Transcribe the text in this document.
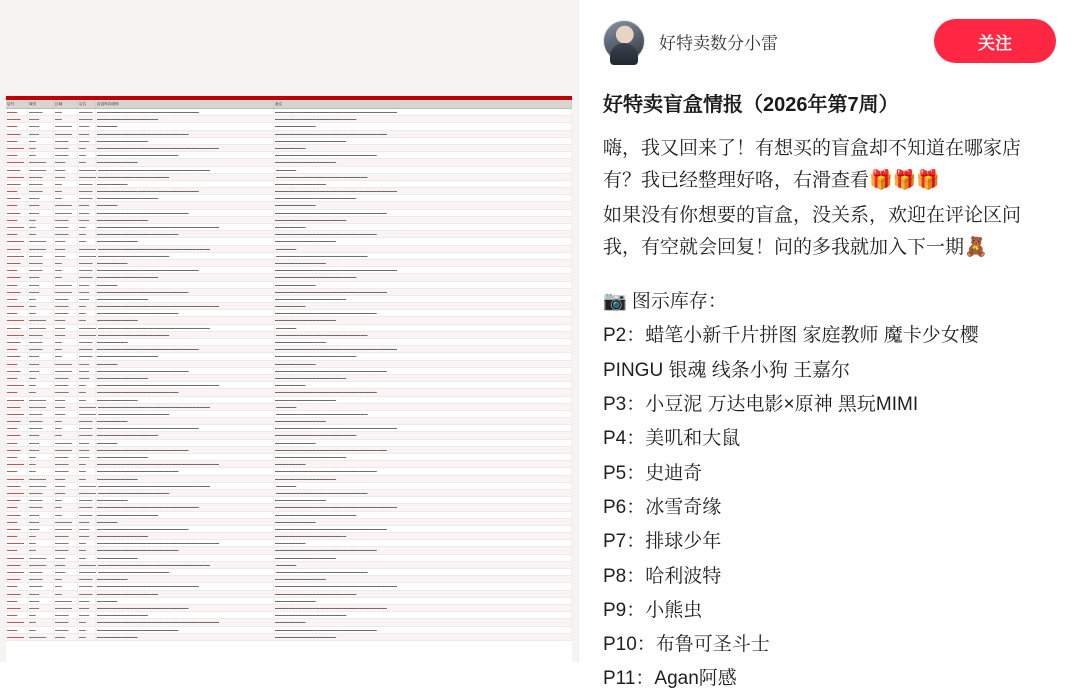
店号	城市	区域	店名	盲盒库存明细	备注
▬▬▬	▬▬▬▬	▬▬	▬▬▬▬	▬▬▬▬▬▬▬▬▬▬▬▬▬▬▬▬▬▬▬▬▬▬▬▬▬▬▬▬▬▬	▬▬▬▬▬▬▬▬▬▬▬▬▬▬▬▬▬▬▬▬▬▬▬▬▬▬▬▬▬▬▬▬▬▬▬▬
▬▬▬▬	▬▬▬	▬▬	▬▬▬▬	▬▬▬▬▬▬▬▬▬▬▬▬▬▬▬▬▬▬	▬▬▬▬▬▬▬▬▬▬▬▬▬▬▬▬▬▬▬▬▬▬▬▬
▬▬▬	▬▬▬	▬▬▬▬▬	▬▬▬	▬▬▬▬▬▬	▬▬▬▬▬▬▬▬▬▬▬▬
▬▬▬▬	▬▬▬	▬▬▬▬▬	▬▬▬	▬▬▬▬▬▬▬▬▬▬▬▬▬▬▬▬▬▬▬▬▬▬▬▬▬▬▬	▬▬▬▬▬▬▬▬▬▬▬▬▬▬▬▬▬▬▬▬▬▬▬▬▬▬▬▬▬▬▬▬▬
▬▬▬	▬▬	▬▬▬▬	▬▬▬	▬▬▬▬▬▬▬▬▬▬▬▬▬▬▬	▬▬▬▬▬▬▬▬▬▬▬▬▬▬▬▬▬▬▬▬▬
▬▬▬▬▬	▬▬	▬▬▬▬	▬▬	▬▬▬▬▬▬▬▬▬▬▬▬▬▬▬▬▬▬▬▬▬▬▬▬▬▬▬▬▬▬▬▬▬▬▬▬	▬▬▬▬▬▬▬▬▬
▬▬▬	▬▬	▬▬▬▬	▬▬	▬▬▬▬▬▬▬▬▬▬▬▬▬▬▬▬▬▬▬▬▬▬▬▬	▬▬▬▬▬▬▬▬▬▬▬▬▬▬▬▬▬▬▬▬▬▬▬▬▬▬▬▬▬▬
▬▬▬▬▬	▬▬▬▬▬	▬▬▬	▬▬	▬▬▬▬▬▬▬▬▬▬▬▬	▬▬▬▬▬▬▬▬▬▬▬▬▬▬▬▬▬▬
▬▬▬▬	▬▬▬▬▬	▬▬▬	▬▬▬▬▬ ▬▬▬▬▬▬▬▬▬▬▬▬▬▬▬▬▬▬▬▬▬▬▬▬▬▬▬▬▬▬▬▬▬	▬▬▬▬▬▬
▬▬▬▬▬	▬▬▬▬	▬▬▬	▬▬▬▬▬ ▬▬▬▬▬▬▬▬▬▬▬▬▬▬▬▬▬▬▬▬▬	▬▬▬▬▬▬▬▬▬▬▬▬▬▬▬▬▬▬▬▬▬▬▬▬▬▬▬
▬▬▬▬	▬▬▬▬	▬▬	▬▬▬▬	▬▬▬▬▬▬▬▬▬	▬▬▬▬▬▬▬▬▬▬▬▬▬▬▬
▬▬▬	▬▬▬▬	▬▬	▬▬▬▬	▬▬▬▬▬▬▬▬▬▬▬▬▬▬▬▬▬▬▬▬▬▬▬▬▬▬▬▬▬▬	▬▬▬▬▬▬▬▬▬▬▬▬▬▬▬▬▬▬▬▬▬▬▬▬▬▬▬▬▬▬▬▬▬▬▬▬
▬▬▬▬	▬▬▬	▬▬	▬▬▬▬	▬▬▬▬▬▬▬▬▬▬▬▬▬▬▬▬▬▬	▬▬▬▬▬▬▬▬▬▬▬▬▬▬▬▬▬▬▬▬▬▬▬▬
▬▬▬	▬▬▬	▬▬▬▬▬	▬▬▬	▬▬▬▬▬▬	▬▬▬▬▬▬▬▬▬▬▬▬
▬▬▬▬	▬▬▬	▬▬▬▬▬	▬▬▬	▬▬▬▬▬▬▬▬▬▬▬▬▬▬▬▬▬▬▬▬▬▬▬▬▬▬▬	▬▬▬▬▬▬▬▬▬▬▬▬▬▬▬▬▬▬▬▬▬▬▬▬▬▬▬▬▬▬▬▬▬
▬▬▬	▬▬	▬▬▬▬	▬▬▬	▬▬▬▬▬▬▬▬▬▬▬▬▬▬▬	▬▬▬▬▬▬▬▬▬▬▬▬▬▬▬▬▬▬▬▬▬
▬▬▬▬▬	▬▬	▬▬▬▬	▬▬	▬▬▬▬▬▬▬▬▬▬▬▬▬▬▬▬▬▬▬▬▬▬▬▬▬▬▬▬▬▬▬▬▬▬▬▬	▬▬▬▬▬▬▬▬▬
▬▬▬	▬▬	▬▬▬▬	▬▬	▬▬▬▬▬▬▬▬▬▬▬▬▬▬▬▬▬▬▬▬▬▬▬▬	▬▬▬▬▬▬▬▬▬▬▬▬▬▬▬▬▬▬▬▬▬▬▬▬▬▬▬▬▬▬
▬▬▬▬▬	▬▬▬▬▬	▬▬▬	▬▬	▬▬▬▬▬▬▬▬▬▬▬▬	▬▬▬▬▬▬▬▬▬▬▬▬▬▬▬▬▬▬
▬▬▬▬	▬▬▬▬▬	▬▬▬	▬▬▬▬▬ ▬▬▬▬▬▬▬▬▬▬▬▬▬▬▬▬▬▬▬▬▬▬▬▬▬▬▬▬▬▬▬▬▬	▬▬▬▬▬▬
▬▬▬▬▬	▬▬▬▬	▬▬▬	▬▬▬▬▬ ▬▬▬▬▬▬▬▬▬▬▬▬▬▬▬▬▬▬▬▬▬	▬▬▬▬▬▬▬▬▬▬▬▬▬▬▬▬▬▬▬▬▬▬▬▬▬▬▬
▬▬▬▬	▬▬▬▬	▬▬	▬▬▬▬	▬▬▬▬▬▬▬▬▬	▬▬▬▬▬▬▬▬▬▬▬▬▬▬▬
▬▬▬	▬▬▬▬	▬▬	▬▬▬▬	▬▬▬▬▬▬▬▬▬▬▬▬▬▬▬▬▬▬▬▬▬▬▬▬▬▬▬▬▬▬	▬▬▬▬▬▬▬▬▬▬▬▬▬▬▬▬▬▬▬▬▬▬▬▬▬▬▬▬▬▬▬▬▬▬▬▬
▬▬▬▬	▬▬▬	▬▬	▬▬▬▬	▬▬▬▬▬▬▬▬▬▬▬▬▬▬▬▬▬▬	▬▬▬▬▬▬▬▬▬▬▬▬▬▬▬▬▬▬▬▬▬▬▬▬
▬▬▬	▬▬▬	▬▬▬▬▬	▬▬▬	▬▬▬▬▬▬	▬▬▬▬▬▬▬▬▬▬▬▬
▬▬▬▬	▬▬▬	▬▬▬▬▬	▬▬▬	▬▬▬▬▬▬▬▬▬▬▬▬▬▬▬▬▬▬▬▬▬▬▬▬▬▬▬	▬▬▬▬▬▬▬▬▬▬▬▬▬▬▬▬▬▬▬▬▬▬▬▬▬▬▬▬▬▬▬▬▬
▬▬▬	▬▬	▬▬▬▬	▬▬▬	▬▬▬▬▬▬▬▬▬▬▬▬▬▬▬	▬▬▬▬▬▬▬▬▬▬▬▬▬▬▬▬▬▬▬▬▬
▬▬▬▬▬	▬▬	▬▬▬▬	▬▬	▬▬▬▬▬▬▬▬▬▬▬▬▬▬▬▬▬▬▬▬▬▬▬▬▬▬▬▬▬▬▬▬▬▬▬▬	▬▬▬▬▬▬▬▬▬
▬▬▬	▬▬	▬▬▬▬	▬▬	▬▬▬▬▬▬▬▬▬▬▬▬▬▬▬▬▬▬▬▬▬▬▬▬	▬▬▬▬▬▬▬▬▬▬▬▬▬▬▬▬▬▬▬▬▬▬▬▬▬▬▬▬▬▬
▬▬▬▬▬	▬▬▬▬▬	▬▬▬	▬▬	▬▬▬▬▬▬▬▬▬▬▬▬	▬▬▬▬▬▬▬▬▬▬▬▬▬▬▬▬▬▬
▬▬▬▬	▬▬▬▬▬	▬▬▬	▬▬▬▬▬ ▬▬▬▬▬▬▬▬▬▬▬▬▬▬▬▬▬▬▬▬▬▬▬▬▬▬▬▬▬▬▬▬▬	▬▬▬▬▬▬
▬▬▬▬▬	▬▬▬▬	▬▬▬	▬▬▬▬▬ ▬▬▬▬▬▬▬▬▬▬▬▬▬▬▬▬▬▬▬▬▬	▬▬▬▬▬▬▬▬▬▬▬▬▬▬▬▬▬▬▬▬▬▬▬▬▬▬▬
▬▬▬▬	▬▬▬▬	▬▬	▬▬▬▬	▬▬▬▬▬▬▬▬▬	▬▬▬▬▬▬▬▬▬▬▬▬▬▬▬
▬▬▬	▬▬▬▬	▬▬	▬▬▬▬	▬▬▬▬▬▬▬▬▬▬▬▬▬▬▬▬▬▬▬▬▬▬▬▬▬▬▬▬▬▬	▬▬▬▬▬▬▬▬▬▬▬▬▬▬▬▬▬▬▬▬▬▬▬▬▬▬▬▬▬▬▬▬▬▬▬▬
▬▬▬▬	▬▬▬	▬▬	▬▬▬▬	▬▬▬▬▬▬▬▬▬▬▬▬▬▬▬▬▬▬	▬▬▬▬▬▬▬▬▬▬▬▬▬▬▬▬▬▬▬▬▬▬▬▬
▬▬▬	▬▬▬	▬▬▬▬▬	▬▬▬	▬▬▬▬▬▬	▬▬▬▬▬▬▬▬▬▬▬▬
▬▬▬▬	▬▬▬	▬▬▬▬▬	▬▬▬	▬▬▬▬▬▬▬▬▬▬▬▬▬▬▬▬▬▬▬▬▬▬▬▬▬▬▬	▬▬▬▬▬▬▬▬▬▬▬▬▬▬▬▬▬▬▬▬▬▬▬▬▬▬▬▬▬▬▬▬▬
▬▬▬	▬▬	▬▬▬▬	▬▬▬	▬▬▬▬▬▬▬▬▬▬▬▬▬▬▬	▬▬▬▬▬▬▬▬▬▬▬▬▬▬▬▬▬▬▬▬▬
▬▬▬▬▬	▬▬	▬▬▬▬	▬▬	▬▬▬▬▬▬▬▬▬▬▬▬▬▬▬▬▬▬▬▬▬▬▬▬▬▬▬▬▬▬▬▬▬▬▬▬	▬▬▬▬▬▬▬▬▬
▬▬▬	▬▬	▬▬▬▬	▬▬	▬▬▬▬▬▬▬▬▬▬▬▬▬▬▬▬▬▬▬▬▬▬▬▬	▬▬▬▬▬▬▬▬▬▬▬▬▬▬▬▬▬▬▬▬▬▬▬▬▬▬▬▬▬▬
▬▬▬▬▬	▬▬▬▬▬	▬▬▬	▬▬	▬▬▬▬▬▬▬▬▬▬▬▬	▬▬▬▬▬▬▬▬▬▬▬▬▬▬▬▬▬▬
▬▬▬▬	▬▬▬▬▬	▬▬▬	▬▬▬▬▬ ▬▬▬▬▬▬▬▬▬▬▬▬▬▬▬▬▬▬▬▬▬▬▬▬▬▬▬▬▬▬▬▬▬	▬▬▬▬▬▬
▬▬▬▬▬	▬▬▬▬	▬▬▬	▬▬▬▬▬ ▬▬▬▬▬▬▬▬▬▬▬▬▬▬▬▬▬▬▬▬▬	▬▬▬▬▬▬▬▬▬▬▬▬▬▬▬▬▬▬▬▬▬▬▬▬▬▬▬
▬▬▬▬	▬▬▬▬	▬▬	▬▬▬▬	▬▬▬▬▬▬▬▬▬	▬▬▬▬▬▬▬▬▬▬▬▬▬▬▬
▬▬▬	▬▬▬▬	▬▬	▬▬▬▬	▬▬▬▬▬▬▬▬▬▬▬▬▬▬▬▬▬▬▬▬▬▬▬▬▬▬▬▬▬▬	▬▬▬▬▬▬▬▬▬▬▬▬▬▬▬▬▬▬▬▬▬▬▬▬▬▬▬▬▬▬▬▬▬▬▬▬
▬▬▬▬	▬▬▬	▬▬	▬▬▬▬	▬▬▬▬▬▬▬▬▬▬▬▬▬▬▬▬▬▬	▬▬▬▬▬▬▬▬▬▬▬▬▬▬▬▬▬▬▬▬▬▬▬▬
▬▬▬	▬▬▬	▬▬▬▬▬	▬▬▬	▬▬▬▬▬▬	▬▬▬▬▬▬▬▬▬▬▬▬
▬▬▬▬	▬▬▬	▬▬▬▬▬	▬▬▬	▬▬▬▬▬▬▬▬▬▬▬▬▬▬▬▬▬▬▬▬▬▬▬▬▬▬▬	▬▬▬▬▬▬▬▬▬▬▬▬▬▬▬▬▬▬▬▬▬▬▬▬▬▬▬▬▬▬▬▬▬
▬▬▬	▬▬	▬▬▬▬	▬▬▬	▬▬▬▬▬▬▬▬▬▬▬▬▬▬▬	▬▬▬▬▬▬▬▬▬▬▬▬▬▬▬▬▬▬▬▬▬
▬▬▬▬▬	▬▬	▬▬▬▬	▬▬	▬▬▬▬▬▬▬▬▬▬▬▬▬▬▬▬▬▬▬▬▬▬▬▬▬▬▬▬▬▬▬▬▬▬▬▬	▬▬▬▬▬▬▬▬▬
▬▬▬	▬▬	▬▬▬▬	▬▬	▬▬▬▬▬▬▬▬▬▬▬▬▬▬▬▬▬▬▬▬▬▬▬▬	▬▬▬▬▬▬▬▬▬▬▬▬▬▬▬▬▬▬▬▬▬▬▬▬▬▬▬▬▬▬
▬▬▬▬▬	▬▬▬▬▬	▬▬▬	▬▬	▬▬▬▬▬▬▬▬▬▬▬▬	▬▬▬▬▬▬▬▬▬▬▬▬▬▬▬▬▬▬
▬▬▬▬	▬▬▬▬▬	▬▬▬	▬▬▬▬▬ ▬▬▬▬▬▬▬▬▬▬▬▬▬▬▬▬▬▬▬▬▬▬▬▬▬▬▬▬▬▬▬▬▬	▬▬▬▬▬▬
▬▬▬▬▬	▬▬▬▬	▬▬▬	▬▬▬▬▬ ▬▬▬▬▬▬▬▬▬▬▬▬▬▬▬▬▬▬▬▬▬	▬▬▬▬▬▬▬▬▬▬▬▬▬▬▬▬▬▬▬▬▬▬▬▬▬▬▬
▬▬▬▬	▬▬▬▬	▬▬	▬▬▬▬	▬▬▬▬▬▬▬▬▬	▬▬▬▬▬▬▬▬▬▬▬▬▬▬▬
▬▬▬	▬▬▬▬	▬▬	▬▬▬▬	▬▬▬▬▬▬▬▬▬▬▬▬▬▬▬▬▬▬▬▬▬▬▬▬▬▬▬▬▬▬	▬▬▬▬▬▬▬▬▬▬▬▬▬▬▬▬▬▬▬▬▬▬▬▬▬▬▬▬▬▬▬▬▬▬▬▬
▬▬▬▬	▬▬▬	▬▬	▬▬▬▬	▬▬▬▬▬▬▬▬▬▬▬▬▬▬▬▬▬▬	▬▬▬▬▬▬▬▬▬▬▬▬▬▬▬▬▬▬▬▬▬▬▬▬
▬▬▬	▬▬▬	▬▬▬▬▬	▬▬▬	▬▬▬▬▬▬	▬▬▬▬▬▬▬▬▬▬▬▬
▬▬▬▬	▬▬▬	▬▬▬▬▬	▬▬▬	▬▬▬▬▬▬▬▬▬▬▬▬▬▬▬▬▬▬▬▬▬▬▬▬▬▬▬	▬▬▬▬▬▬▬▬▬▬▬▬▬▬▬▬▬▬▬▬▬▬▬▬▬▬▬▬▬▬▬▬▬
▬▬▬	▬▬	▬▬▬▬	▬▬▬	▬▬▬▬▬▬▬▬▬▬▬▬▬▬▬	▬▬▬▬▬▬▬▬▬▬▬▬▬▬▬▬▬▬▬▬▬
▬▬▬▬▬	▬▬	▬▬▬▬	▬▬	▬▬▬▬▬▬▬▬▬▬▬▬▬▬▬▬▬▬▬▬▬▬▬▬▬▬▬▬▬▬▬▬▬▬▬▬	▬▬▬▬▬▬▬▬▬
▬▬▬	▬▬	▬▬▬▬	▬▬	▬▬▬▬▬▬▬▬▬▬▬▬▬▬▬▬▬▬▬▬▬▬▬▬	▬▬▬▬▬▬▬▬▬▬▬▬▬▬▬▬▬▬▬▬▬▬▬▬▬▬▬▬▬▬
▬▬▬▬▬	▬▬▬▬▬	▬▬▬	▬▬	▬▬▬▬▬▬▬▬▬▬▬▬	▬▬▬▬▬▬▬▬▬▬▬▬▬▬▬▬▬▬
▬▬▬▬	▬▬▬▬▬	▬▬▬	▬▬▬▬▬ ▬▬▬▬▬▬▬▬▬▬▬▬▬▬▬▬▬▬▬▬▬▬▬▬▬▬▬▬▬▬▬▬▬	▬▬▬▬▬▬
▬▬▬▬▬	▬▬▬▬	▬▬▬	▬▬▬▬▬ ▬▬▬▬▬▬▬▬▬▬▬▬▬▬▬▬▬▬▬▬▬	▬▬▬▬▬▬▬▬▬▬▬▬▬▬▬▬▬▬▬▬▬▬▬▬▬▬▬
▬▬▬▬	▬▬▬▬	▬▬	▬▬▬▬	▬▬▬▬▬▬▬▬▬	▬▬▬▬▬▬▬▬▬▬▬▬▬▬▬
▬▬▬	▬▬▬▬	▬▬	▬▬▬▬	▬▬▬▬▬▬▬▬▬▬▬▬▬▬▬▬▬▬▬▬▬▬▬▬▬▬▬▬▬▬	▬▬▬▬▬▬▬▬▬▬▬▬▬▬▬▬▬▬▬▬▬▬▬▬▬▬▬▬▬▬▬▬▬▬▬▬
▬▬▬▬	▬▬▬	▬▬	▬▬▬▬	▬▬▬▬▬▬▬▬▬▬▬▬▬▬▬▬▬▬	▬▬▬▬▬▬▬▬▬▬▬▬▬▬▬▬▬▬▬▬▬▬▬▬
▬▬▬	▬▬▬	▬▬▬▬▬	▬▬▬	▬▬▬▬▬▬	▬▬▬▬▬▬▬▬▬▬▬▬
▬▬▬▬	▬▬▬	▬▬▬▬▬	▬▬▬	▬▬▬▬▬▬▬▬▬▬▬▬▬▬▬▬▬▬▬▬▬▬▬▬▬▬▬	▬▬▬▬▬▬▬▬▬▬▬▬▬▬▬▬▬▬▬▬▬▬▬▬▬▬▬▬▬▬▬▬▬
▬▬▬	▬▬	▬▬▬▬	▬▬▬	▬▬▬▬▬▬▬▬▬▬▬▬▬▬▬	▬▬▬▬▬▬▬▬▬▬▬▬▬▬▬▬▬▬▬▬▬
▬▬▬▬▬	▬▬	▬▬▬▬	▬▬	▬▬▬▬▬▬▬▬▬▬▬▬▬▬▬▬▬▬▬▬▬▬▬▬▬▬▬▬▬▬▬▬▬▬▬▬	▬▬▬▬▬▬▬▬▬
▬▬▬	▬▬	▬▬▬▬	▬▬	▬▬▬▬▬▬▬▬▬▬▬▬▬▬▬▬▬▬▬▬▬▬▬▬	▬▬▬▬▬▬▬▬▬▬▬▬▬▬▬▬▬▬▬▬▬▬▬▬▬▬▬▬▬▬
▬▬▬▬▬	▬▬▬▬▬	▬▬▬	▬▬	▬▬▬▬▬▬▬▬▬▬▬▬	▬▬▬▬▬▬▬▬▬▬▬▬▬▬▬▬▬▬
好特卖数分小雷	关注
好特卖盲盒情报（2026年第7周）
嗨，我又回来了！有想买的盲盒却不知道在哪家店有？我已经整理好咯，右滑查看🎁🎁🎁
如果没有你想要的盲盒，没关系，欢迎在评论区问我，有空就会回复！问的多我就加入下一期🧸
📷 图示库存：
P2：蜡笔小新千片拼图 家庭教师 魔卡少女樱
PINGU 银魂 线条小狗 王嘉尔
P3：小豆泥 万达电影×原神 黑玩MIMI
P4：美叽和大鼠
P5：史迪奇
P6：冰雪奇缘
P7：排球少年
P8：哈利波特
P9：小熊虫
P10：布鲁可圣斗士
P11：Agan阿感
